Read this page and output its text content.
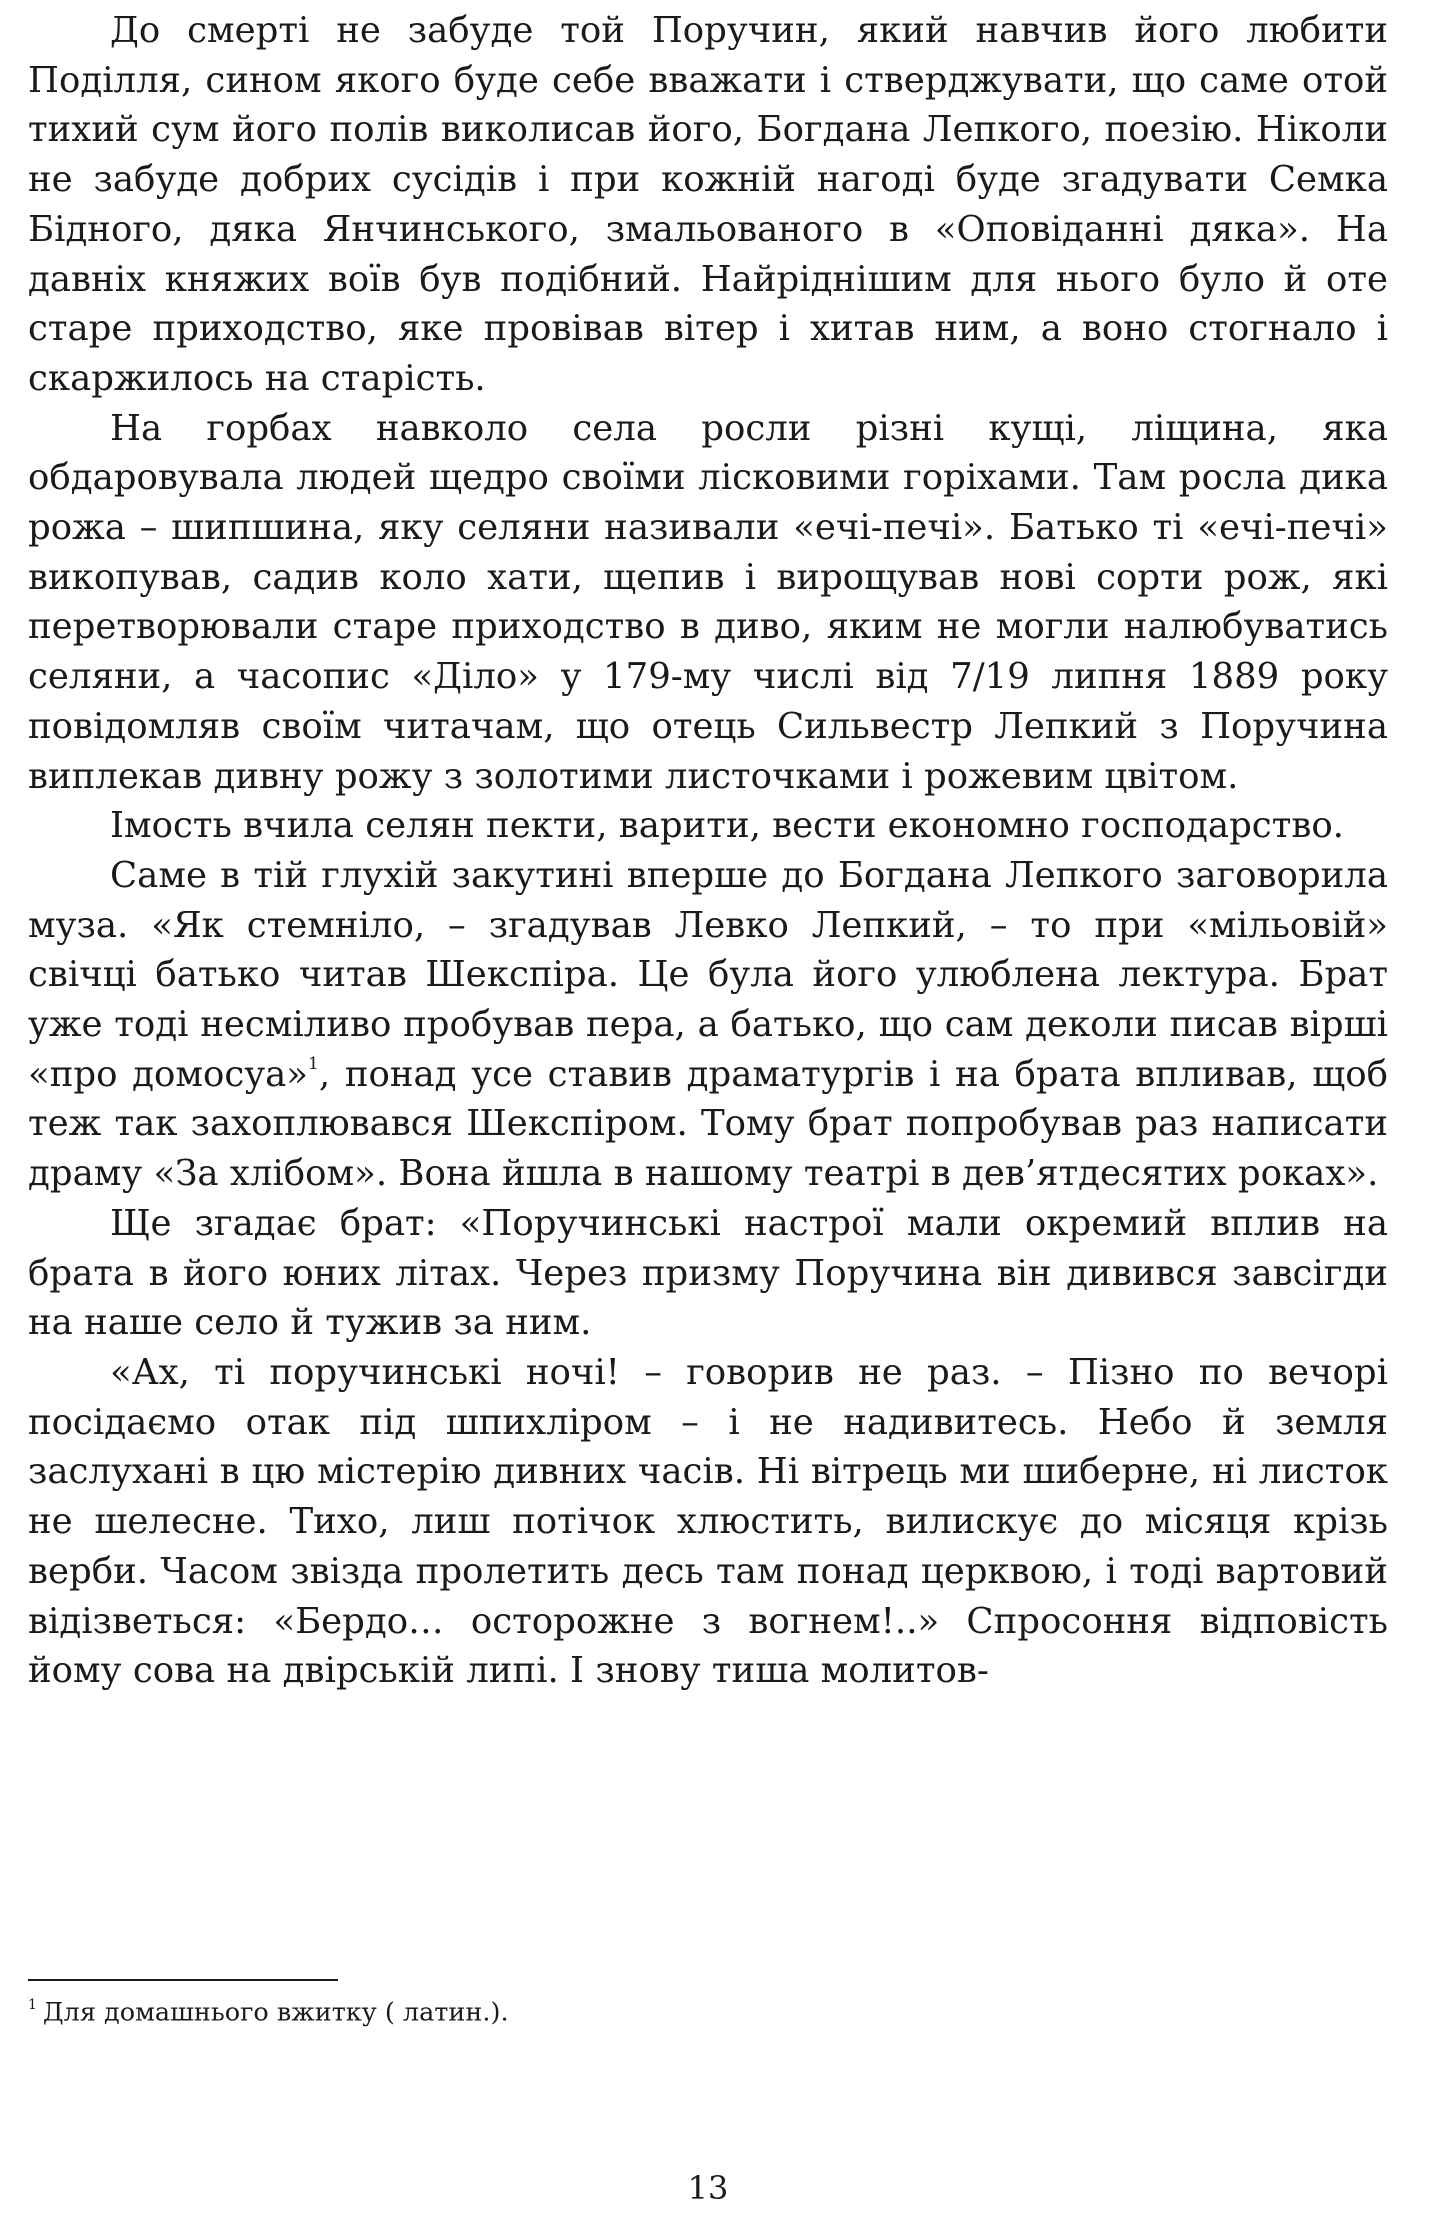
До смерті не забуде той Поручин, який навчив його любити Поділля, сином якого буде себе вважати і стверджувати, що саме отой тихий сум його полів виколисав його, Богдана Лепкого, поезію. Ніколи не забуде добрих сусідів і при кожній нагоді буде згадувати Семка Бідного, дяка Янчинського, змальованого в «Оповіданні дяка». На давніх княжих воїв був подібний. Найріднішим для нього було й оте старе приходство, яке провівав вітер і хитав ним, а воно стогнало і скаржилось на старість.

На горбах навколо села росли різні кущі, ліщина, яка обдаровувала людей щедро своїми лісковими горіхами. Там росла дика рожа – шипшина, яку селяни називали «ечі-печі». Батько ті «ечі-печі» викопував, садив коло хати, щепив і вирощував нові сорти рож, які перетворювали старе приходство в диво, яким не могли налюбуватись селяни, а часопис «Діло» у 179-му числі від 7/19 липня 1889 року повідомляв своїм читачам, що отець Сильвестр Лепкий з Поручина виплекав дивну рожу з золотими листочками і рожевим цвітом.

Імость вчила селян пекти, варити, вести економно господарство.

Саме в тій глухій закутині вперше до Богдана Лепкого заговорила муза. «Як стемніло, – згадував Левко Лепкий, – то при «мільовій» свічці батько читав Шекспіра. Це була його улюблена лектура. Брат уже тоді несміливо пробував пера, а батько, що сам деколи писав вірші «про домосуа»$^1$, понад усе ставив драматургів і на брата впливав, щоб теж так захоплювався Шекспіром. Тому брат попробував раз написати драму «За хлібом». Вона йшла в нашому театрі в дев’ятдесятих роках».

Ще згадає брат: «Поручинські настрої мали окремий вплив на брата в його юних літах. Через призму Поручина він дивився завсігди на наше село й тужив за ним.

«Ах, ті поручинські ночі! – говорив не раз. – Пізно по вечорі посідаємо отак під шпихліром – і не надивитесь. Небо й земля заслухані в цю містерію дивних часів. Ні вітрець ми шиберне, ні листок не шелесне. Тихо, лиш потічок хлюстить, вилискує до місяця крізь верби. Часом звізда пролетить десь там понад церквою, і тоді вартовий відізветься: «Бердо… осторожне з вогнем!..» Спросоння відповість йому сова на двірській липі. І знову тиша молитов-

$^1$ Для домашнього вжитку ( латин.).
13
